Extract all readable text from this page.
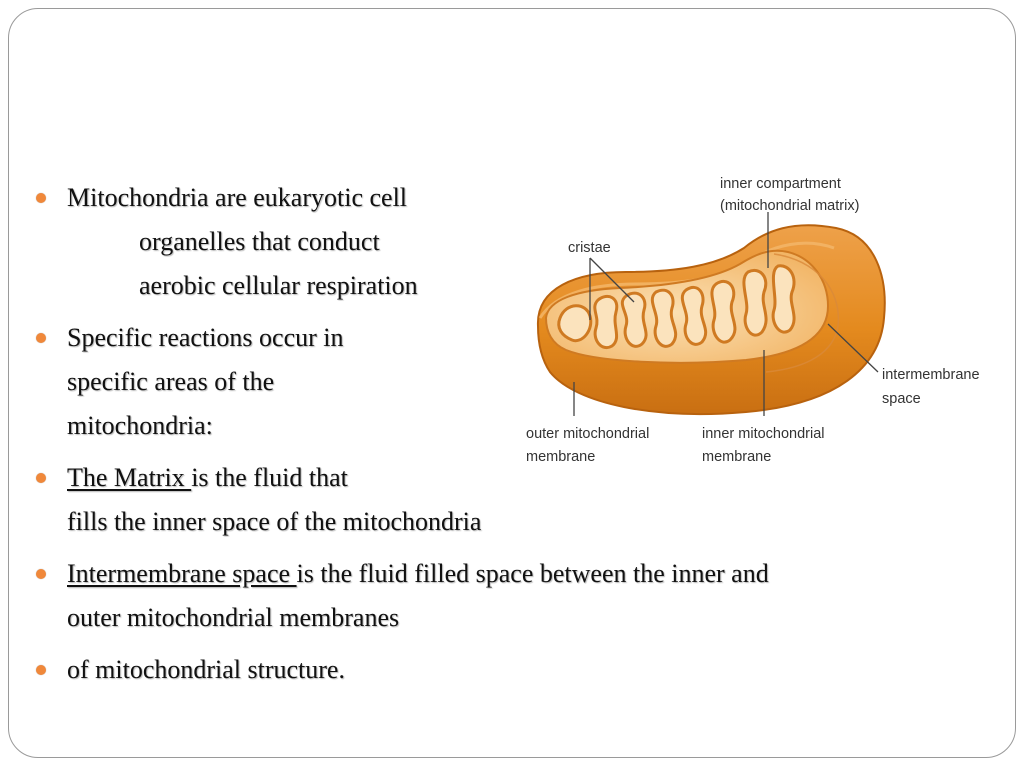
Mitochondria are eukaryotic cell
organelles that conduct
aerobic cellular respiration
Specific reactions occur in
specific areas of the
mitochondria:
The Matrix is the fluid that
fills the inner space of the mitochondria
Intermembrane space is the fluid filled space between the inner and
outer mitochondrial membranes
of mitochondrial structure.
inner compartment
(mitochondrial matrix)
cristae
intermembrane
space
outer mitochondrial
membrane
inner mitochondrial
membrane
